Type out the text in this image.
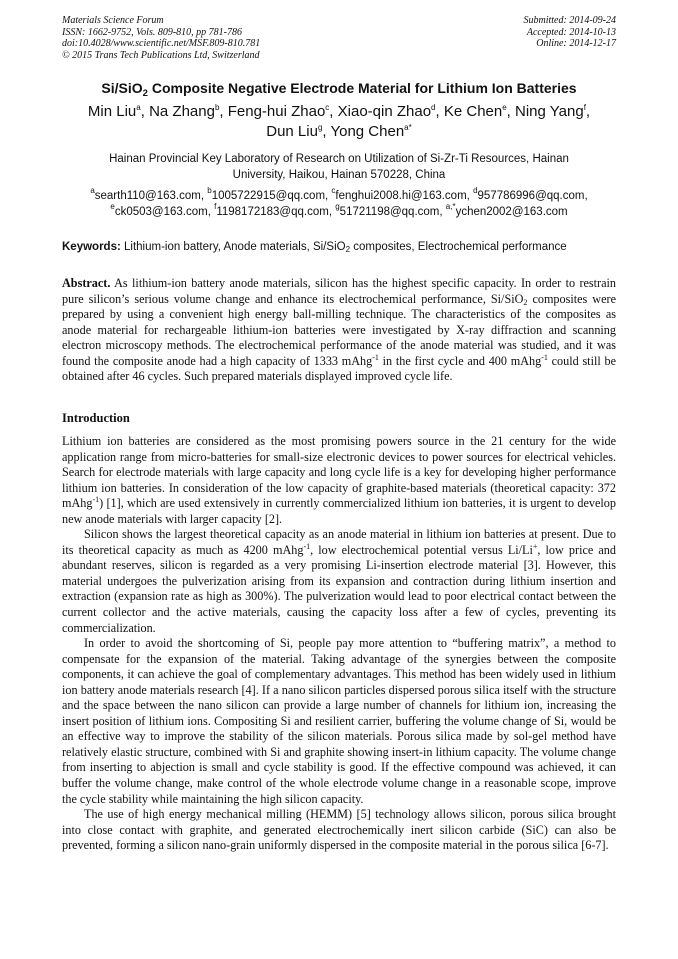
Materials Science Forum
ISSN: 1662-9752, Vols. 809-810, pp 781-786
doi:10.4028/www.scientific.net/MSF.809-810.781
© 2015 Trans Tech Publications Ltd, Switzerland
Submitted: 2014-09-24
Accepted: 2014-10-13
Online: 2014-12-17
Si/SiO$_2$ Composite Negative Electrode Material for Lithium Ion Batteries
Min Liu$^a$, Na Zhang$^b$, Feng-hui Zhao$^c$, Xiao-qin Zhao$^d$, Ke Chen$^e$, Ning Yang$^f$,
Dun Liu$^g$, Yong Chen$^{a*}$
Hainan Provincial Key Laboratory of Research on Utilization of Si-Zr-Ti Resources, Hainan
University, Haikou, Hainan 570228, China
$^a$searth110@163.com, $^b$1005722915@qq.com, $^c$fenghui2008.hi@163.com, $^d$957786996@qq.com,
$^e$ck0503@163.com, $^f$1198172183@qq.com, $^g$51721198@qq.com, $^{a,*}$ychen2002@163.com
Keywords: Lithium-ion battery, Anode materials, Si/SiO$_2$ composites, Electrochemical performance

Abstract. As lithium-ion battery anode materials, silicon has the highest specific capacity. In order to restrain pure silicon’s serious volume change and enhance its electrochemical performance, Si/SiO$_2$ composites were prepared by using a convenient high energy ball-milling technique. The characteristics of the composites as anode material for rechargeable lithium-ion batteries were investigated by X-ray diffraction and scanning electron microscopy methods. The electrochemical performance of the anode material was studied, and it was found the composite anode had a high capacity of 1333 mAhg$^{-1}$ in the first cycle and 400 mAhg$^{-1}$ could still be obtained after 46 cycles. Such prepared materials displayed improved cycle life.

Introduction

Lithium ion batteries are considered as the most promising powers source in the 21 century for the wide application range from micro-batteries for small-size electronic devices to power sources for electrical vehicles. Search for electrode materials with large capacity and long cycle life is a key for developing higher performance lithium ion batteries. In consideration of the low capacity of graphite-based materials (theoretical capacity: 372 mAhg$^{-1}$) [1], which are used extensively in currently commercialized lithium ion batteries, it is urgent to develop new anode materials with larger capacity [2].

Silicon shows the largest theoretical capacity as an anode material in lithium ion batteries at present. Due to its theoretical capacity as much as 4200 mAhg$^{-1}$, low electrochemical potential versus Li/Li+, low price and abundant reserves, silicon is regarded as a very promising Li-insertion electrode material [3]. However, this material undergoes the pulverization arising from its expansion and contraction during lithium insertion and extraction (expansion rate as high as 300%). The pulverization would lead to poor electrical contact between the current collector and the active materials, causing the capacity loss after a few of cycles, preventing its commercialization.

In order to avoid the shortcoming of Si, people pay more attention to “buffering matrix”, a method to compensate for the expansion of the material. Taking advantage of the synergies between the composite components, it can achieve the goal of complementary advantages. This method has been widely used in lithium ion battery anode materials research [4]. If a nano silicon particles dispersed porous silica itself with the structure and the space between the nano silicon can provide a large number of channels for lithium ion, increasing the insert position of lithium ions. Compositing Si and resilient carrier, buffering the volume change of Si, would be an effective way to improve the stability of the silicon materials. Porous silica made by sol-gel method have relatively elastic structure, combined with Si and graphite showing insert-in lithium capacity. The volume change from inserting to abjection is small and cycle stability is good. If the effective compound was achieved, it can buffer the volume change, make control of the whole electrode volume change in a reasonable scope, improve the cycle stability while maintaining the high silicon capacity.

The use of high energy mechanical milling (HEMM) [5] technology allows silicon, porous silica brought into close contact with graphite, and generated electrochemically inert silicon carbide (SiC) can also be prevented, forming a silicon nano-grain uniformly dispersed in the composite material in the porous silica [6-7].
